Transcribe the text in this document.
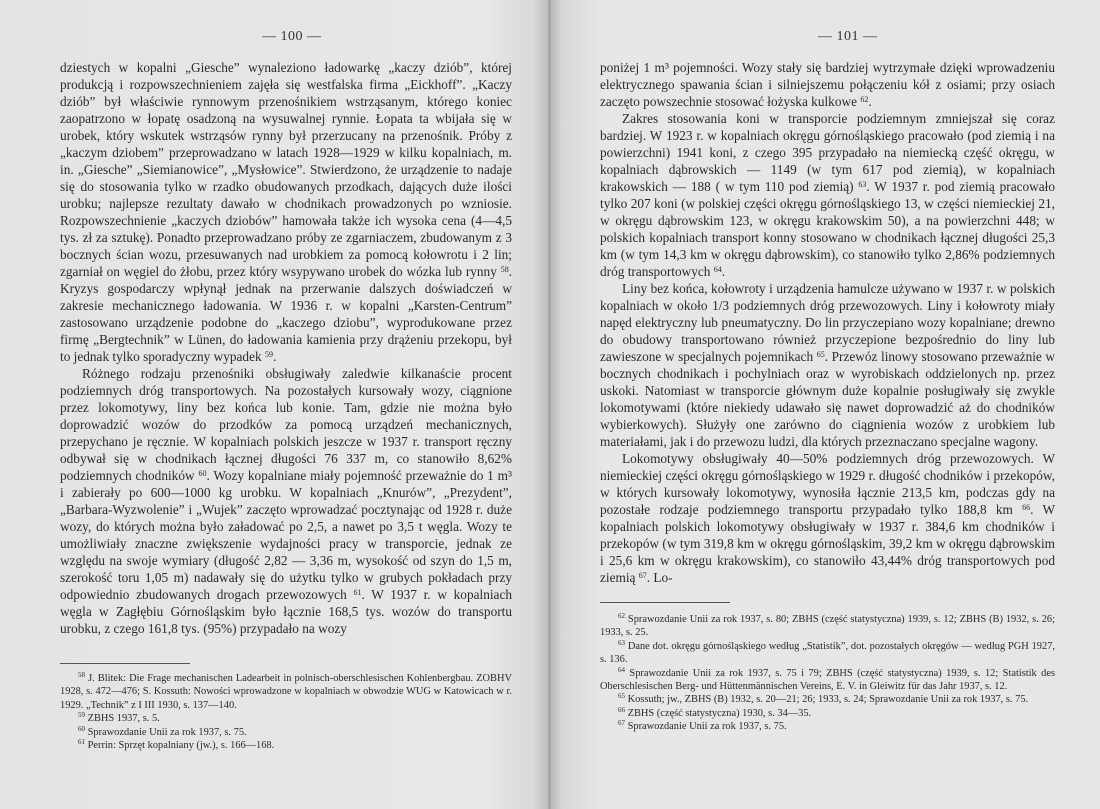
— 100 —

dziestych w kopalni „Giesche” wynaleziono ładowarkę „kaczy dziób”, której produkcją i rozpowszechnieniem zajęła się westfalska firma „Eickhoff”. „Kaczy dziób” był właściwie rynnowym przenośnikiem wstrząsanym, którego koniec zaopatrzono w łopatę osadzoną na wysuwalnej rynnie. Łopata ta wbijała się w urobek, który wskutek wstrząsów rynny był przerzucany na przenośnik. Próby z „kaczym dziobem” przeprowadzano w latach 1928—1929 w kilku kopalniach, m. in. „Giesche” „Siemianowice”, „Mysłowice”. Stwierdzono, że urządzenie to nadaje się do stosowania tylko w rzadko obudowanych przodkach, dających duże ilości urobku; najlepsze rezultaty dawało w chodnikach prowadzonych po wzniosie. Rozpowszechnienie „kaczych dziobów” hamowała także ich wysoka cena (4—4,5 tys. zł za sztukę). Ponadto przeprowadzano próby ze zgarniaczem, zbudowanym z 3 bocznych ścian wozu, przesuwanych nad urobkiem za pomocą kołowrotu i 2 lin; zgarniał on węgiel do żłobu, przez który wsypywano urobek do wózka lub rynny $^{58}$. Kryzys gospodarczy wpłynął jednak na przerwanie dalszych doświadczeń w zakresie mechanicznego ładowania. W 1936 r. w kopalni „Karsten-Centrum” zastosowano urządzenie podobne do „kaczego dziobu”, wyprodukowane przez firmę „Bergtechnik” w Lünen, do ładowania kamienia przy drążeniu przekopu, był to jednak tylko sporadyczny wypadek $^{59}$.

Różnego rodzaju przenośniki obsługiwały zaledwie kilkanaście procent podziemnych dróg transportowych. Na pozostałych kursowały wozy, ciągnione przez lokomotywy, liny bez końca lub konie. Tam, gdzie nie można było doprowadzić wozów do przodków za pomocą urządzeń mechanicznych, przepychano je ręcznie. W kopalniach polskich jeszcze w 1937 r. transport ręczny odbywał się w chodnikach łącznej długości 76 337 m, co stanowiło 8,62% podziemnych chodników $^{60}$. Wozy kopalniane miały pojemność przeważnie do 1 m³ i zabierały po 600—1000 kg urobku. W kopalniach „Knurów”, „Prezydent”, „Barbara-Wyzwolenie” i „Wujek” zaczęto wprowadzać pocztynając od 1928 r. duże wozy, do których można było załadować po 2,5, a nawet po 3,5 t węgla. Wozy te umożliwiały znaczne zwiększenie wydajności pracy w transporcie, jednak ze względu na swoje wymiary (długość 2,82 — 3,36 m, wysokość od szyn do 1,5 m, szerokość toru 1,05 m) nadawały się do użytku tylko w grubych pokładach przy odpowiednio zbudowanych drogach przewozowych $^{61}$. W 1937 r. w kopalniach węgla w Zagłębiu Górnośląskim było łącznie 168,5 tys. wozów do transportu urobku, z czego 161,8 tys. (95%) przypadało na wozy

$^{58}$ J. Blitek: Die Frage mechanischen Ladearbeit in polnisch-oberschlesischen Kohlenbergbau. ZOBHV 1928, s. 472—476; S. Kossuth: Nowości wprowadzone w kopalniach w obwodzie WUG w Katowicach w r. 1929. „Technik” z I III 1930, s. 137—140.

$^{59}$ ZBHS 1937, s. 5.

$^{60}$ Sprawozdanie Unii za rok 1937, s. 75.

$^{61}$ Perrin: Sprzęt kopalniany (jw.), s. 166—168.

— 101 —

poniżej 1 m³ pojemności. Wozy stały się bardziej wytrzymałe dzięki wprowadzeniu elektrycznego spawania ścian i silniejszemu połączeniu kół z osiami; przy osiach zaczęto powszechnie stosować łożyska kulkowe $^{62}$.

Zakres stosowania koni w transporcie podziemnym zmniejszał się coraz bardziej. W 1923 r. w kopalniach okręgu górnośląskiego pracowało (pod ziemią i na powierzchni) 1941 koni, z czego 395 przypadało na niemiecką część okręgu, w kopalniach dąbrowskich — 1149 (w tym 617 pod ziemią), w kopalniach krakowskich — 188 ( w tym 110 pod ziemią) $^{63}$. W 1937 r. pod ziemią pracowało tylko 207 koni (w polskiej części okręgu górnośląskiego 13, w części niemieckiej 21, w okręgu dąbrowskim 123, w okręgu krakowskim 50), a na powierzchni 448; w polskich kopalniach transport konny stosowano w chodnikach łącznej długości 25,3 km (w tym 14,3 km w okręgu dąbrowskim), co stanowiło tylko 2,86% podziemnych dróg transportowych $^{64}$.

Liny bez końca, kołowroty i urządzenia hamulcze używano w 1937 r. w polskich kopalniach w około 1/3 podziemnych dróg przewozowych. Liny i kołowroty miały napęd elektryczny lub pneumatyczny. Do lin przyczepiano wozy kopalniane; drewno do obudowy transportowano również przyczepione bezpośrednio do liny lub zawieszone w specjalnych pojemnikach $^{65}$. Przewóz linowy stosowano przeważnie w bocznych chodnikach i pochylniach oraz w wyrobiskach oddzielonych np. przez uskoki. Natomiast w transporcie głównym duże kopalnie posługiwały się zwykle lokomotywami (które niekiedy udawało się nawet doprowadzić aż do chodników wybierkowych). Służyły one zarówno do ciągnienia wozów z urobkiem lub materiałami, jak i do przewozu ludzi, dla których przeznaczano specjalne wagony.

Lokomotywy obsługiwały 40—50% podziemnych dróg przewozowych. W niemieckiej części okręgu górnośląskiego w 1929 r. długość chodników i przekopów, w których kursowały lokomotywy, wynosiła łącznie 213,5 km, podczas gdy na pozostałe rodzaje podziemnego transportu przypadało tylko 188,8 km $^{66}$. W kopalniach polskich lokomotywy obsługiwały w 1937 r. 384,6 km chodników i przekopów (w tym 319,8 km w okręgu górnośląskim, 39,2 km w okręgu dąbrowskim i 25,6 km w okręgu krakowskim), co stanowiło 43,44% dróg transportowych pod ziemią $^{67}$. Lo-

$^{62}$ Sprawozdanie Unii za rok 1937, s. 80; ZBHS (część statystyczna) 1939, s. 12; ZBHS (B) 1932, s. 26; 1933, s. 25.

$^{63}$ Dane dot. okręgu górnośląskiego według „Statistik”, dot. pozostałych okręgów — według PGH 1927, s. 136.

$^{64}$ Sprawozdanie Unii za rok 1937, s. 75 i 79; ZBHS (część statystyczna) 1939, s. 12; Statistik des Oberschlesischen Berg- und Hüttenmännischen Vereins, E. V. in Gleiwitz für das Jahr 1937, s. 12.

$^{65}$ Kossuth; jw., ZBHS (B) 1932, s. 20—21; 26; 1933, s. 24; Sprawozdanie Unii za rok 1937, s. 75.

$^{66}$ ZBHS (część statystyczna) 1930, s. 34—35.

$^{67}$ Sprawozdanie Unii za rok 1937, s. 75.
